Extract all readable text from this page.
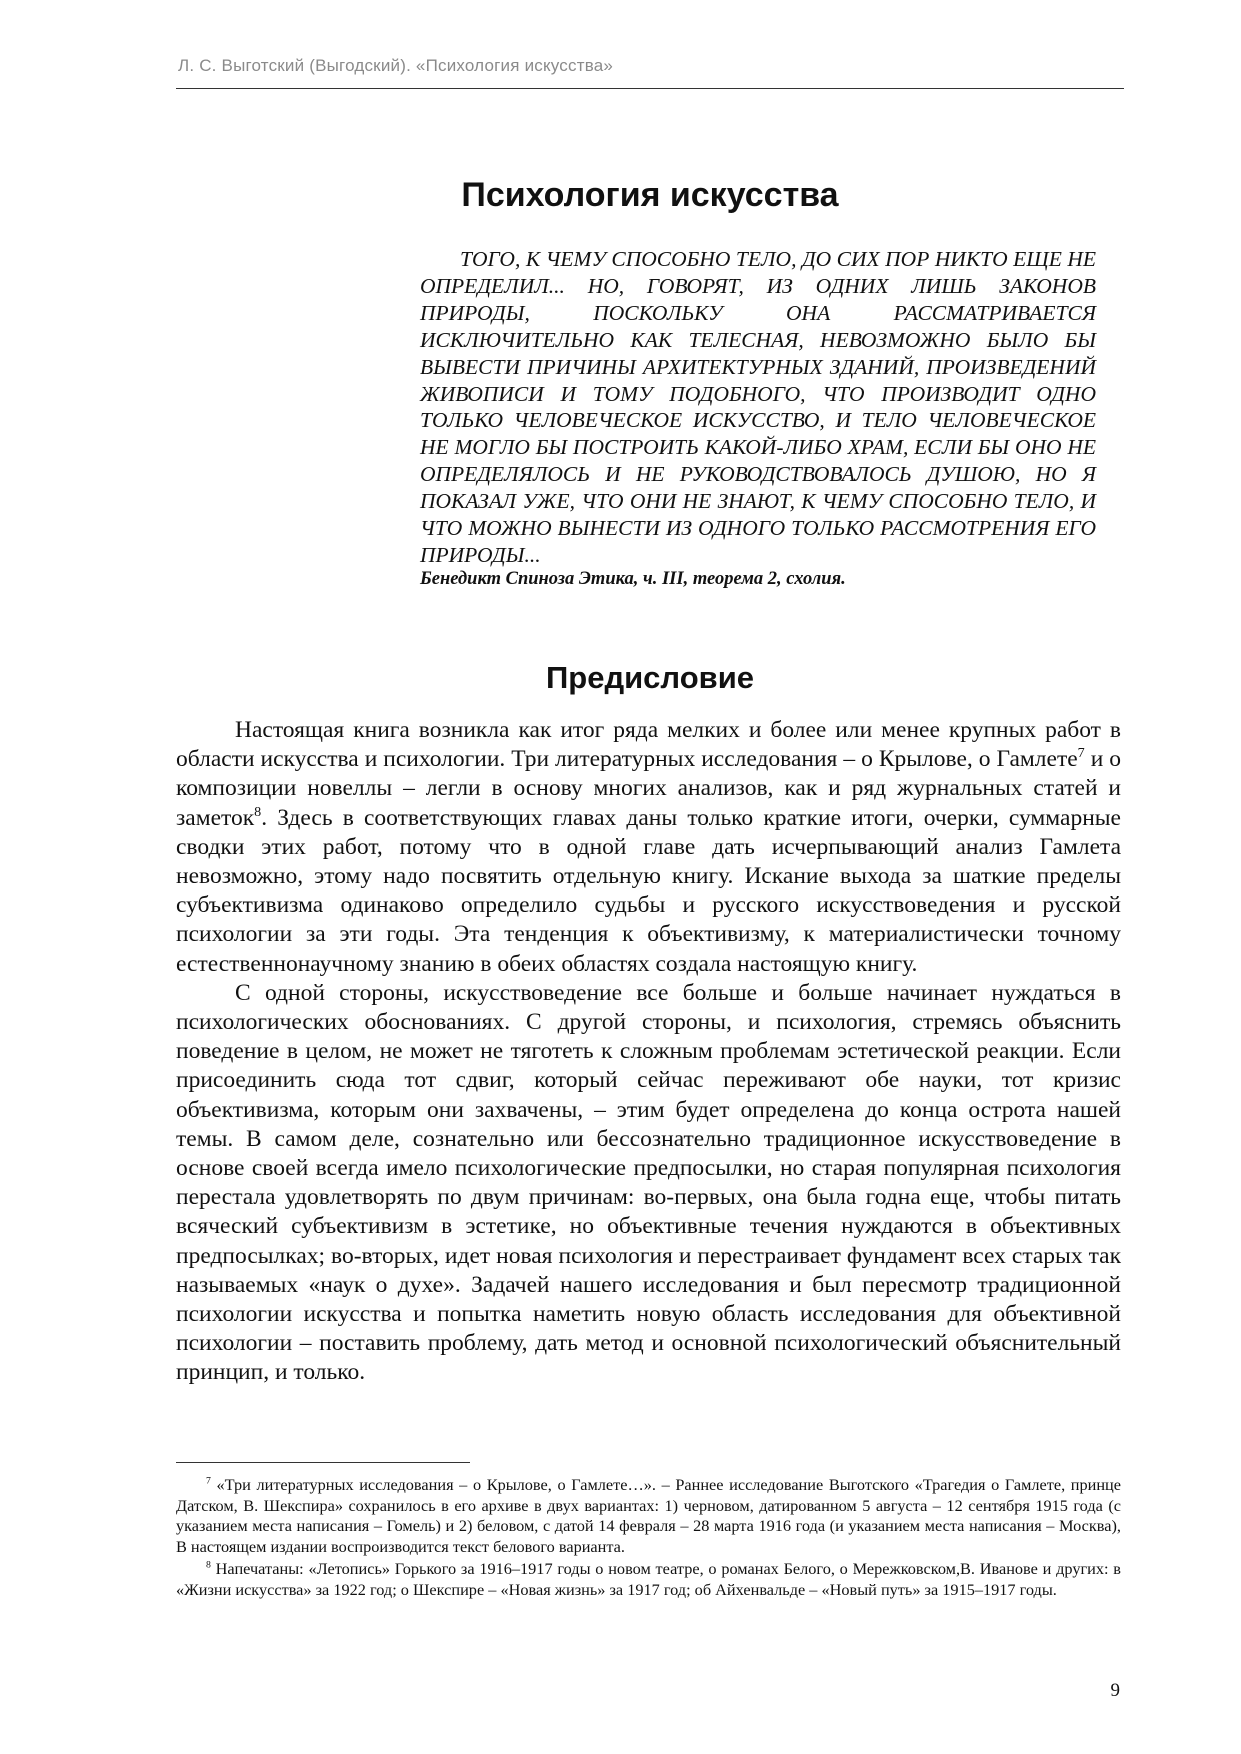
Л. С. Выготский (Выгодский). «Психология искусства»
Психология искусства

ТОГО, К ЧЕМУ СПОСОБНО ТЕЛО, ДО СИХ ПОР НИКТО ЕЩЕ НЕ ОПРЕДЕЛИЛ... НО, ГОВОРЯТ, ИЗ ОДНИХ ЛИШЬ ЗАКОНОВ ПРИРОДЫ, ПОСКОЛЬКУ ОНА РАССМАТРИВАЕТСЯ ИСКЛЮЧИТЕЛЬНО КАК ТЕЛЕСНАЯ, НЕВОЗМОЖНО БЫЛО БЫ ВЫВЕСТИ ПРИЧИНЫ АРХИТЕКТУРНЫХ ЗДАНИЙ, ПРОИЗВЕДЕНИЙ ЖИВОПИСИ И ТОМУ ПОДОБНОГО, ЧТО ПРОИЗВОДИТ ОДНО ТОЛЬКО ЧЕЛОВЕЧЕСКОЕ ИСКУССТВО, И ТЕЛО ЧЕЛОВЕЧЕСКОЕ НЕ МОГЛО БЫ ПОСТРОИТЬ КАКОЙ-ЛИБО ХРАМ, ЕСЛИ БЫ ОНО НЕ ОПРЕДЕЛЯЛОСЬ И НЕ РУКОВОДСТВОВАЛОСЬ ДУШОЮ, НО Я ПОКАЗАЛ УЖЕ, ЧТО ОНИ НЕ ЗНАЮТ, К ЧЕМУ СПОСОБНО ТЕЛО, И ЧТО МОЖНО ВЫНЕСТИ ИЗ ОДНОГО ТОЛЬКО РАССМОТРЕНИЯ ЕГО ПРИРОДЫ...

Бенедикт Спиноза Этика, ч. III, теорема 2, схолия.
Предисловие

Настоящая книга возникла как итог ряда мелких и более или менее крупных работ в области искусства и психологии. Три литературных исследования – о Крылове, о Гамлете$^7$ и о композиции новеллы – легли в основу многих анализов, как и ряд журнальных статей и заметок$^8$. Здесь в соответствующих главах даны только краткие итоги, очерки, суммарные сводки этих работ, потому что в одной главе дать исчерпывающий анализ Гамлета невозможно, этому надо посвятить отдельную книгу. Искание выхода за шаткие пределы субъективизма одинаково определило судьбы и русского искусствоведения и русской психологии за эти годы. Эта тенденция к объективизму, к материалистически точному естественнонаучному знанию в обеих областях создала настоящую книгу.

С одной стороны, искусствоведение все больше и больше начинает нуждаться в психологических обоснованиях. С другой стороны, и психология, стремясь объяснить поведение в целом, не может не тяготеть к сложным проблемам эстетической реакции. Если присоединить сюда тот сдвиг, который сейчас переживают обе науки, тот кризис объективизма, которым они захвачены, – этим будет определена до конца острота нашей темы. В самом деле, сознательно или бессознательно традиционное искусствоведение в основе своей всегда имело психологические предпосылки, но старая популярная психология перестала удовлетворять по двум причинам: во-первых, она была годна еще, чтобы питать всяческий субъективизм в эстетике, но объективные течения нуждаются в объективных предпосылках; во-вторых, идет новая психология и перестраивает фундамент всех старых так называемых «наук о духе». Задачей нашего исследования и был пересмотр традиционной психологии искусства и попытка наметить новую область исследования для объективной психологии – поставить проблему, дать метод и основной психологический объяснительный принцип, и только.

$^7$ «Три литературных исследования – о Крылове, о Гамлете…». – Раннее исследование Выготского «Трагедия о Гамлете, принце Датском, В. Шекспира» сохранилось в его архиве в двух вариантах: 1) черновом, датированном 5 августа – 12 сентября 1915 года (с указанием места написания – Гомель) и 2) беловом, с датой 14 февраля – 28 марта 1916 года (и указанием места написания – Москва), В настоящем издании воспроизводится текст белового варианта.

$^8$ Напечатаны: «Летопись» Горького за 1916–1917 годы о новом театре, о романах Белого, о Мережковском,В. Иванове и других: в «Жизни искусства» за 1922 год; о Шекспире – «Новая жизнь» за 1917 год; об Айхенвальде – «Новый путь» за 1915–1917 годы.

9
